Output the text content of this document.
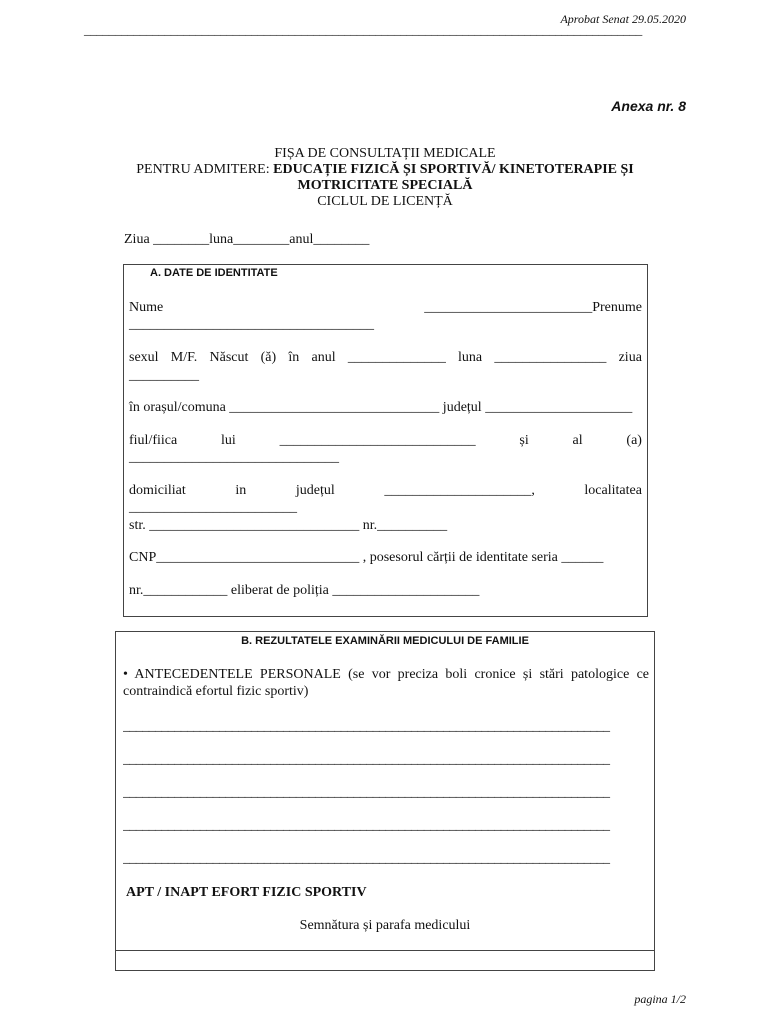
Aprobat Senat 29.05.2020
__________________________________________________________________________________________
Anexa nr. 8
FIȘA DE CONSULTAȚII MEDICALE
PENTRU ADMITERE: EDUCAȚIE FIZICĂ ȘI SPORTIVĂ/ KINETOTERAPIE ȘI
MOTRICITATE SPECIALĂ
CICLUL DE LICENȚĂ
Ziua ________luna________anul________
A. DATE DE IDENTITATE
Nume	________________________Prenume
___________________________________
sexul M/F. Născut (ă) în anul ______________ luna ________________ ziua
__________
în orașul/comuna ______________________________ județul _____________________
fiul/fiica	lui	____________________________	și	al	(a)
______________________________
domiciliat	in	județul	_____________________,	localitatea
________________________
str. ______________________________ nr.__________
CNP_____________________________ , posesorul cărții de identitate seria ______
nr.____________ eliberat de poliția _____________________
B. REZULTATELE EXAMINĂRII MEDICULUI DE FAMILIE
• ANTECEDENTELE PERSONALE (se vor preciza boli cronice și stări patologice ce contraindică efortul fizic sportiv)
____________________________________________________________________________
____________________________________________________________________________
____________________________________________________________________________
____________________________________________________________________________
____________________________________________________________________________
APT / INAPT EFORT FIZIC SPORTIV
Semnătura și parafa medicului
pagina 1/2
